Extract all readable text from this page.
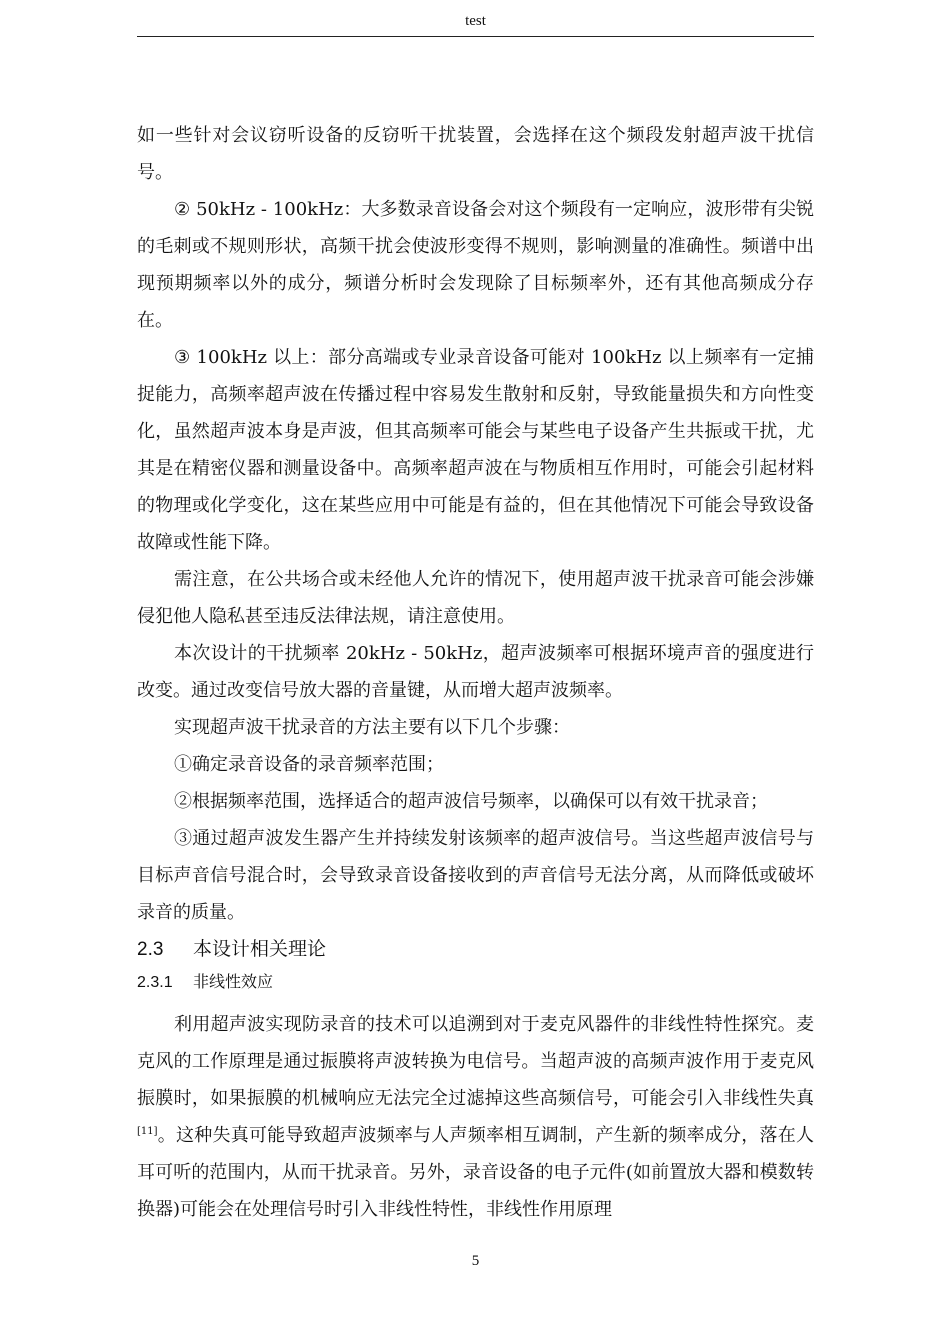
test

如一些针对会议窃听设备的反窃听干扰装置，会选择在这个频段发射超声波干扰信号。

② 50kHz - 100kHz：大多数录音设备会对这个频段有一定响应，波形带有尖锐的毛刺或不规则形状，高频干扰会使波形变得不规则，影响测量的准确性。频谱中出现预期频率以外的成分，频谱分析时会发现除了目标频率外，还有其他高频成分存在。

③ 100kHz 以上：部分高端或专业录音设备可能对 100kHz 以上频率有一定捕捉能力，高频率超声波在传播过程中容易发生散射和反射，导致能量损失和方向性变化，虽然超声波本身是声波，但其高频率可能会与某些电子设备产生共振或干扰，尤其是在精密仪器和测量设备中。高频率超声波在与物质相互作用时，可能会引起材料的物理或化学变化，这在某些应用中可能是有益的，但在其他情况下可能会导致设备故障或性能下降。

需注意，在公共场合或未经他人允许的情况下，使用超声波干扰录音可能会涉嫌侵犯他人隐私甚至违反法律法规，请注意使用。

本次设计的干扰频率 20kHz - 50kHz，超声波频率可根据环境声音的强度进行改变。通过改变信号放大器的音量键，从而增大超声波频率。

实现超声波干扰录音的方法主要有以下几个步骤：

①确定录音设备的录音频率范围；

②根据频率范围，选择适合的超声波信号频率，以确保可以有效干扰录音；

③通过超声波发生器产生并持续发射该频率的超声波信号。当这些超声波信号与目标声音信号混合时，会导致录音设备接收到的声音信号无法分离，从而降低或破坏录音的质量。

2.3 本设计相关理论
2.3.1 非线性效应

利用超声波实现防录音的技术可以追溯到对于麦克风器件的非线性特性探究。麦克风的工作原理是通过振膜将声波转换为电信号。当超声波的高频声波作用于麦克风振膜时，如果振膜的机械响应无法完全过滤掉这些高频信号，可能会引入非线性失真[11]。这种失真可能导致超声波频率与人声频率相互调制，产生新的频率成分，落在人耳可听的范围内，从而干扰录音。另外，录音设备的电子元件(如前置放大器和模数转换器)可能会在处理信号时引入非线性特性，非线性作用原理

5
